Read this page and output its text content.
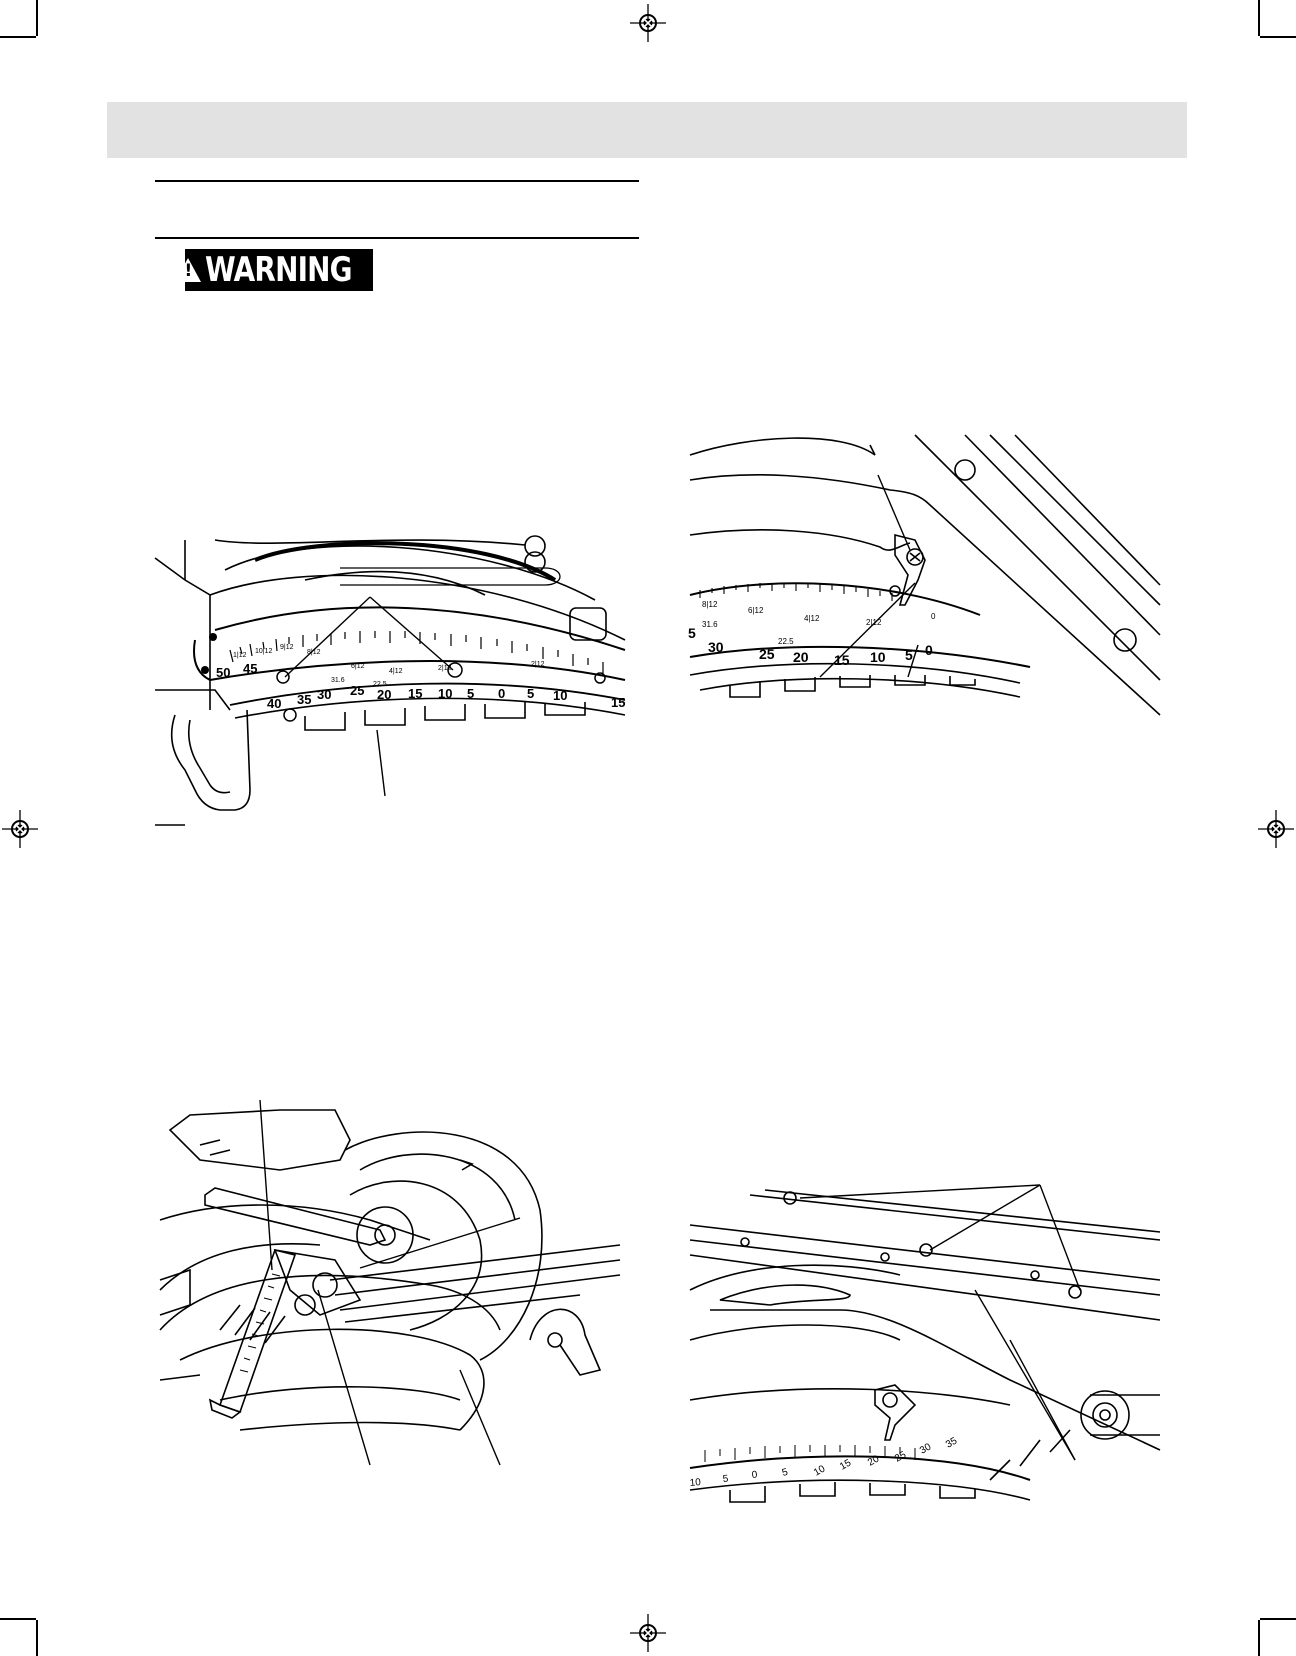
! WARNING
50 45
40 35 30 25 20 15 10 5 0 5 10	15
31.6
22.5
1|12
10|12
9|12
8|12
6|12
4|12	2|12
2|12
5
30	25 20 15 10 5 0
31.6
22.5
8|12
6|12
4|12	2|12
0
10 5 0 5 10 15 20 25
30 35
